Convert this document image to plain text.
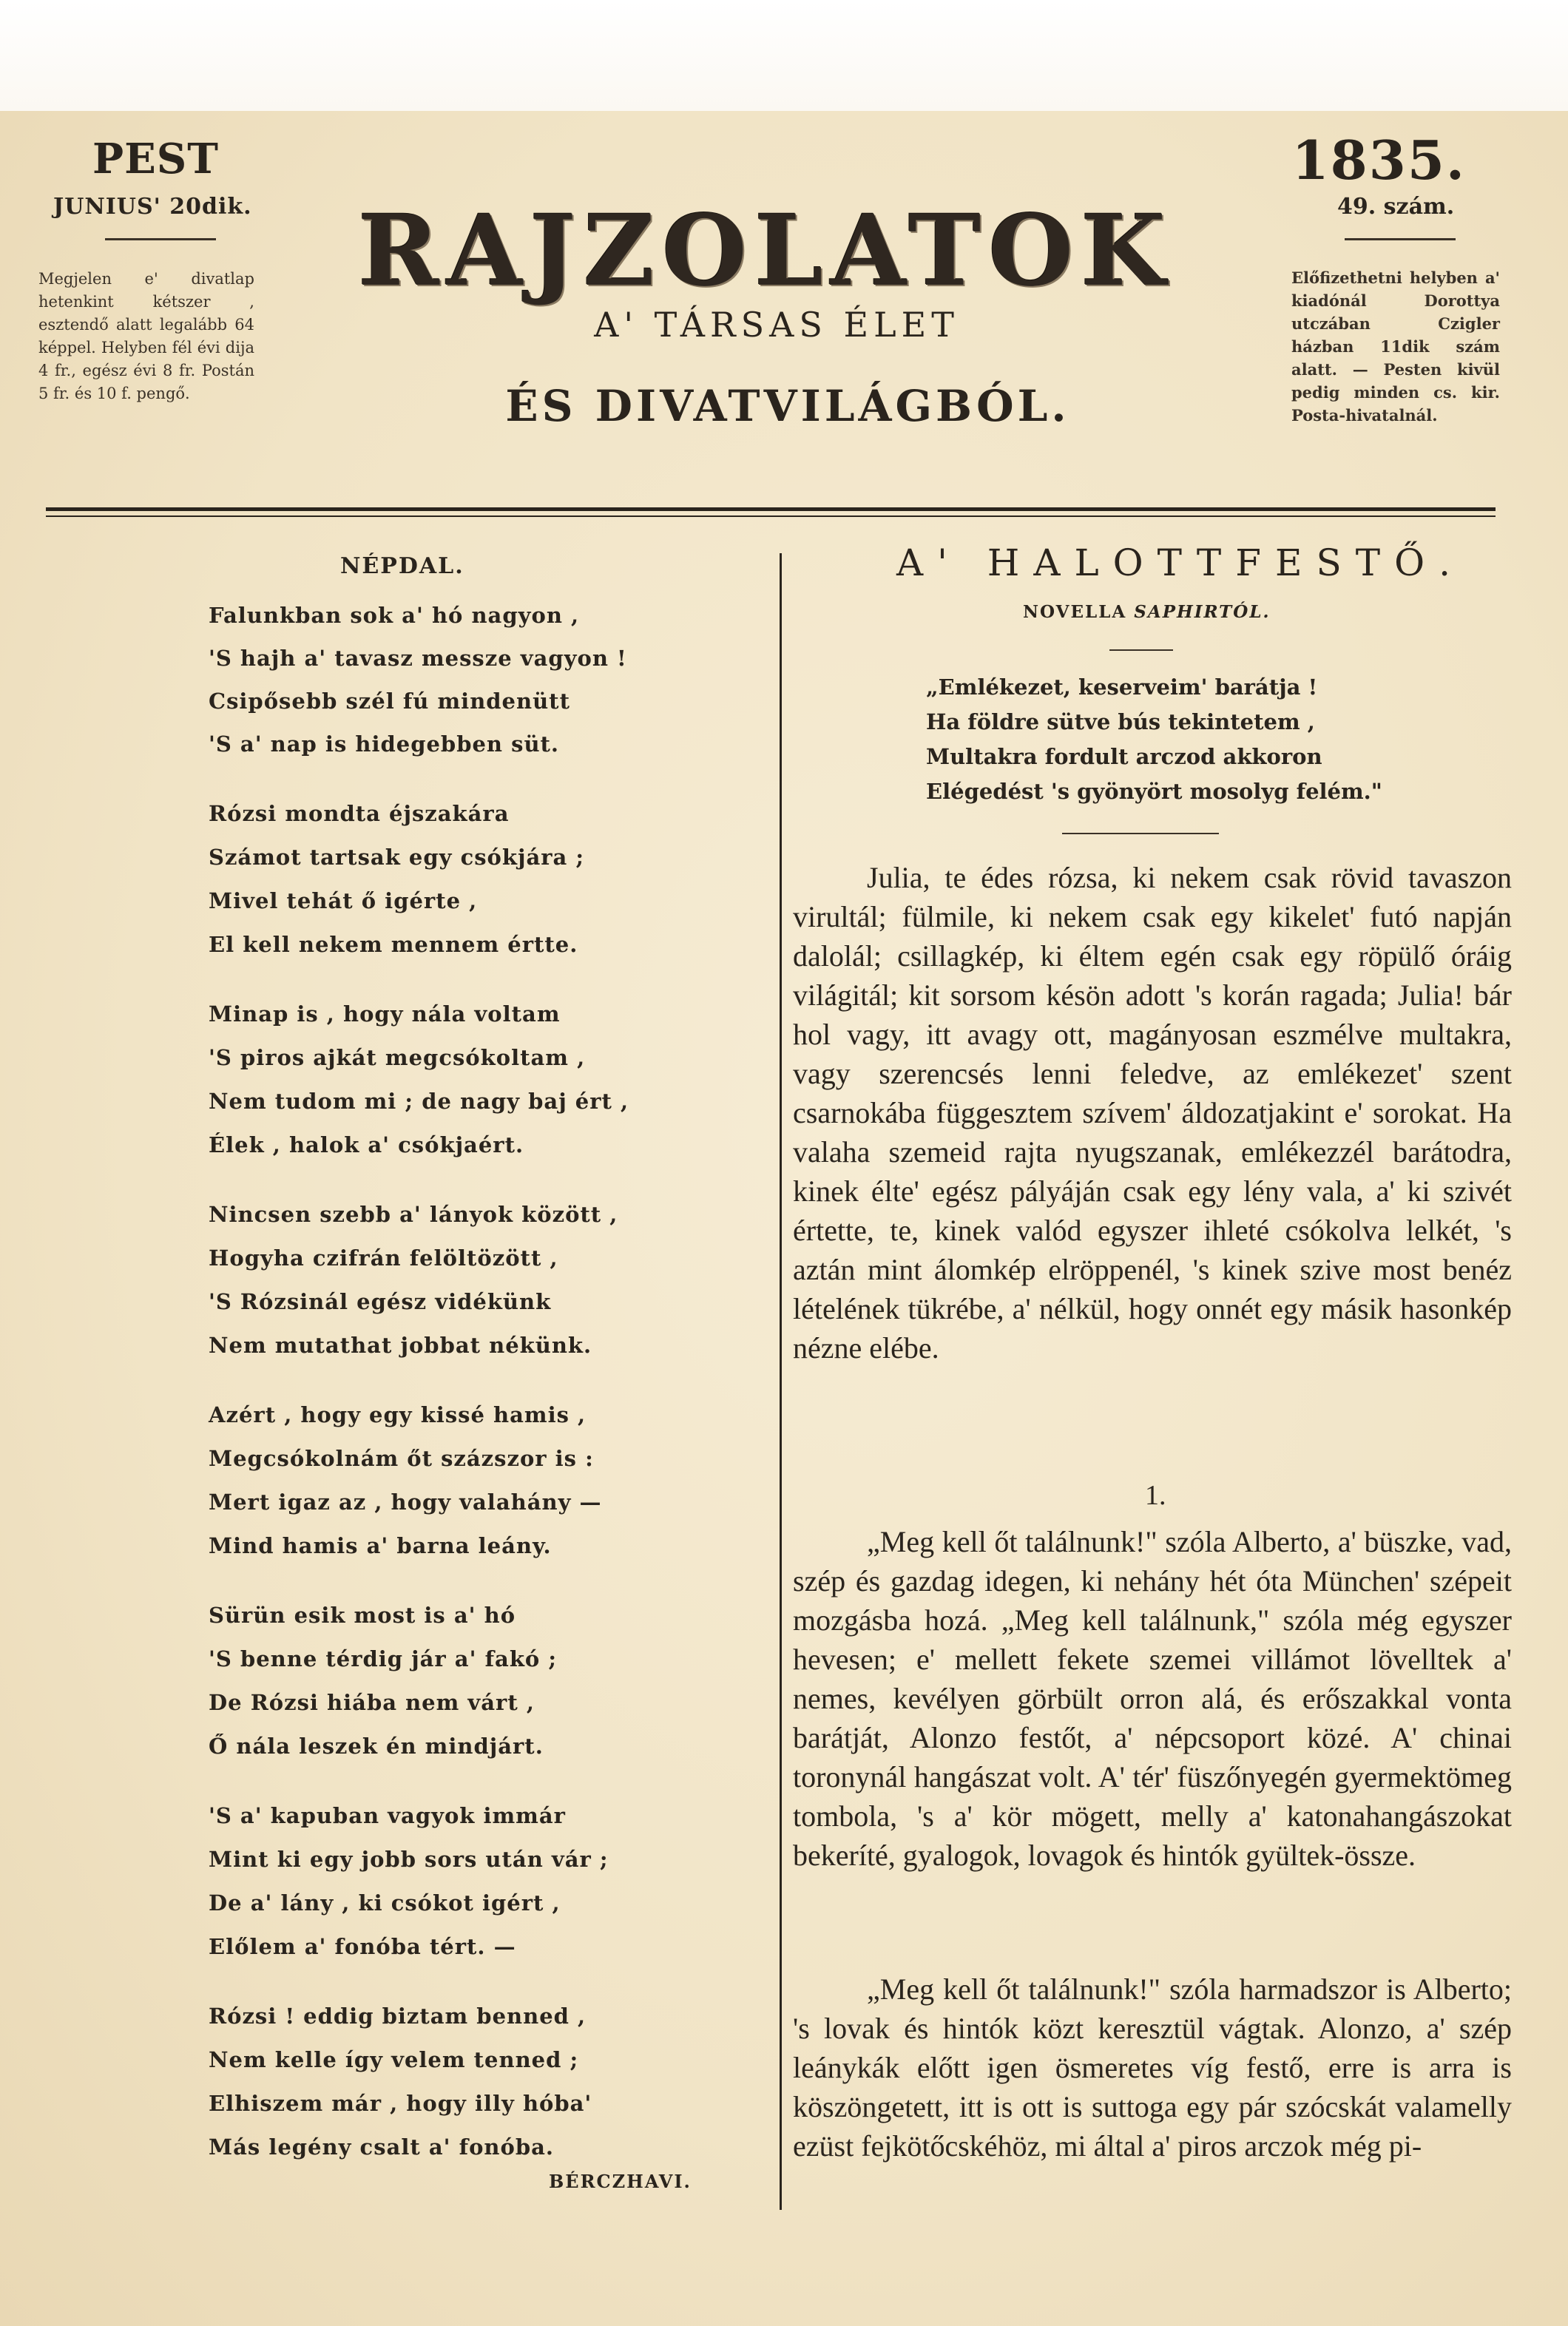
PEST
JUNIUS' 20dik.
Megjelen e' divatlap hetenkint kétszer , esztendő alatt legalább 64 képpel. Helyben fél évi dija 4 fr., egész évi 8 fr. Postán 5 fr. és 10 f. pengő.
RAJZOLATOK
A' TÁRSAS ÉLET
ÉS DIVATVILÁGBÓL.
1835.
49. szám.
Előfizethetni helyben a' kiadónál Dorottya utczában Czigler házban 11dik szám alatt. — Pesten kivül pedig minden cs. kir. Posta-hivatalnál.
NÉPDAL.
Falunkban sok a' hó nagyon ,
'S hajh a' tavasz messze vagyon !
Csipősebb szél fú mindenütt
'S a' nap is hidegebben süt.
Rózsi mondta éjszakára
Számot tartsak egy csókjára ;
Mivel tehát ő igérte ,
El kell nekem mennem értte.
Minap is , hogy nála voltam
'S piros ajkát megcsókoltam ,
Nem tudom mi ; de nagy baj ért ,
Élek , halok a' csókjaért.
Nincsen szebb a' lányok között ,
Hogyha czifrán felöltözött ,
'S Rózsinál egész vidékünk
Nem mutathat jobbat nékünk.
Azért , hogy egy kissé hamis ,
Megcsókolnám őt százszor is :
Mert igaz az , hogy valahány —
Mind hamis a' barna leány.
Sürün esik most is a' hó
'S benne térdig jár a' fakó ;
De Rózsi hiába nem várt ,
Ő nála leszek én mindjárt.
'S a' kapuban vagyok immár
Mint ki egy jobb sors után vár ;
De a' lány , ki csókot igért ,
Előlem a' fonóba tért. —
Rózsi ! eddig biztam benned ,
Nem kelle így velem tenned ;
Elhiszem már , hogy illy hóba'
Más legény csalt a' fonóba.
BÉRCZHAVI.
A' HALOTTFESTŐ.
NOVELLA SAPHIRTÓL.
„Emlékezet, keserveim' barátja !
Ha földre sütve bús tekintetem ,
Multakra fordult arczod akkoron
Elégedést 's gyönyört mosolyg felém."
Julia, te édes rózsa, ki nekem csak rövid tavaszon virultál; fülmile, ki nekem csak egy kikelet' futó napján dalolál; csillagkép, ki éltem egén csak egy röpülő óráig világitál; kit sorsom késön adott 's korán ragada; Julia! bár hol vagy, itt avagy ott, magányosan eszmélve multakra, vagy szerencsés lenni feledve, az emlékezet' szent csarnokába függesztem szívem' áldozatjakint e' sorokat. Ha valaha szemeid rajta nyugszanak, emlékezzél barátodra, kinek élte' egész pályáján csak egy lény vala, a' ki szivét értette, te, kinek valód egyszer ihleté csókolva lelkét, 's aztán mint álomkép elröppenél, 's kinek szive most benéz lételének tükrébe, a' nélkül, hogy onnét egy másik hasonkép nézne elébe.
1.
„Meg kell őt találnunk!" szóla Alberto, a' büszke, vad, szép és gazdag idegen, ki nehány hét óta München' szépeit mozgásba hozá. „Meg kell találnunk," szóla még egyszer hevesen; e' mellett fekete szemei villámot lövelltek a' nemes, kevélyen görbült orron alá, és erőszakkal vonta barátját, Alonzo festőt, a' népcsoport közé. A' chinai toronynál hangászat volt. A' tér' füszőnyegén gyermektömeg tombola, 's a' kör mögett, melly a' katonahangászokat bekeríté, gyalogok, lovagok és hintók gyültek-össze.
„Meg kell őt találnunk!" szóla harmadszor is Alberto; 's lovak és hintók közt keresztül vágtak. Alonzo, a' szép leánykák előtt igen ösmeretes víg festő, erre is arra is köszöngetett, itt is ott is suttoga egy pár szócskát valamelly ezüst fejkötőcskéhöz, mi által a' piros arczok még pi-
